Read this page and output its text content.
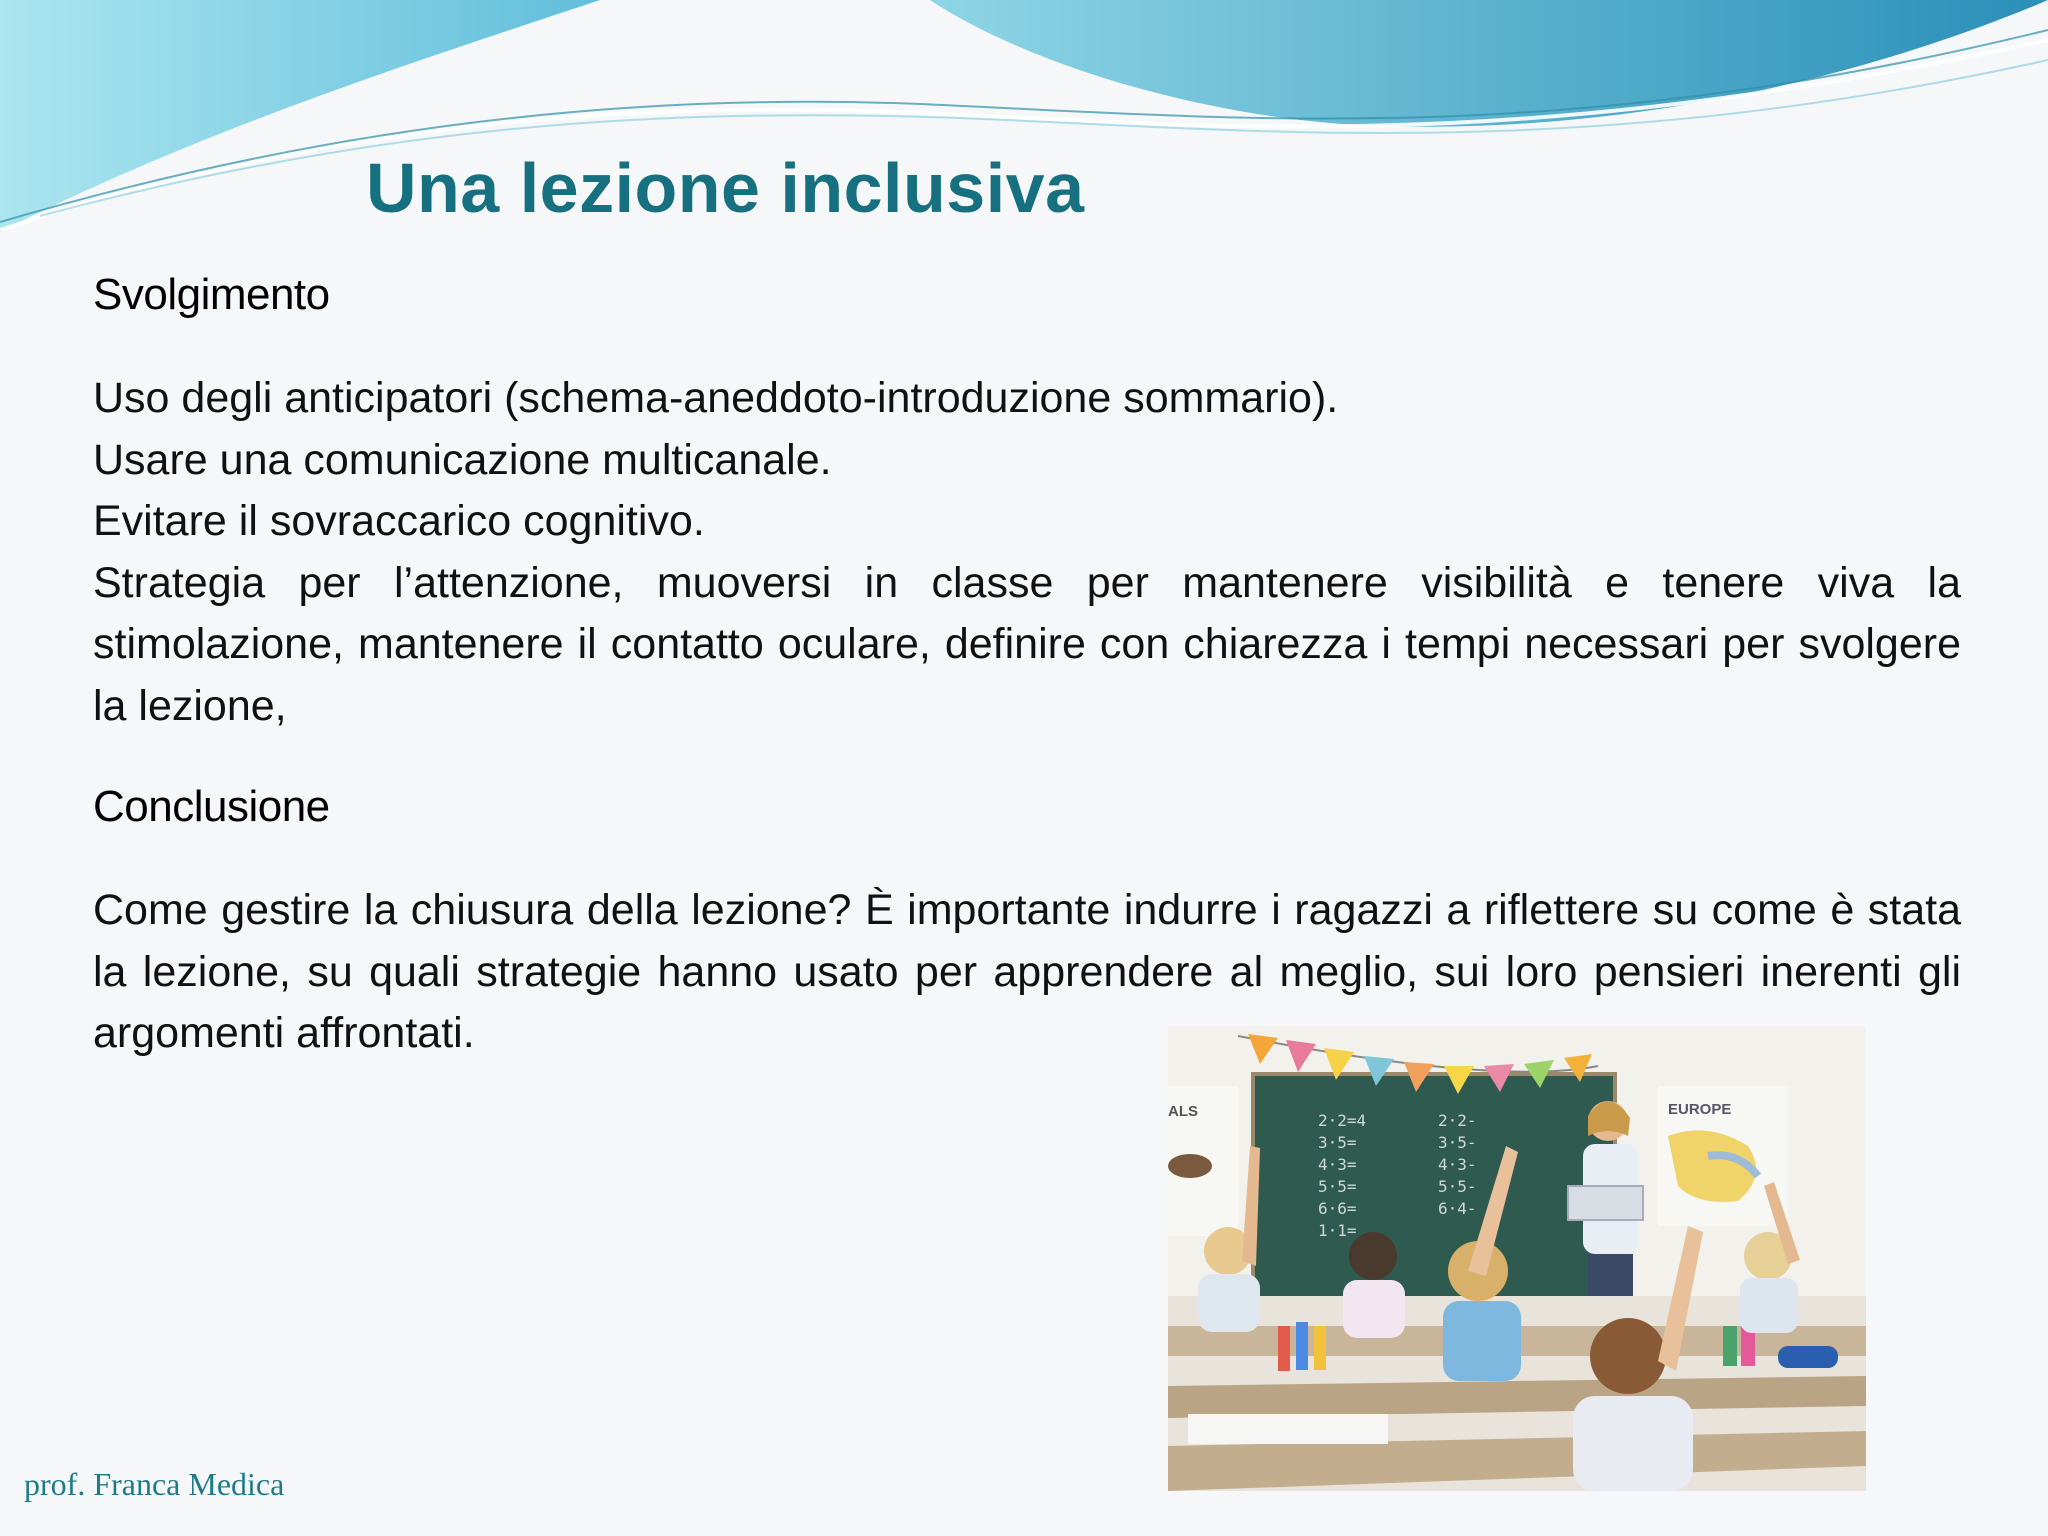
Una lezione inclusiva
Svolgimento
Uso degli anticipatori (schema-aneddoto-introduzione sommario).
Usare una comunicazione multicanale.
Evitare il sovraccarico cognitivo.
Strategia per l’attenzione, muoversi in classe per mantenere visibilità e tenere viva la stimolazione, mantenere il contatto oculare, definire con chiarezza i tempi necessari per svolgere la lezione,
Conclusione
Come gestire la chiusura della lezione? È importante indurre i ragazzi a riflettere su come è stata la lezione, su quali strategie hanno usato per apprendere al meglio, sui loro pensieri inerenti gli argomenti affrontati.
2·2=4
3·5=
4·3=
5·5=
6·6=
1·1=
2·2-
3·5-
4·3-
5·5-
6·4-
ALS	EUROPE
prof. Franca Medica
